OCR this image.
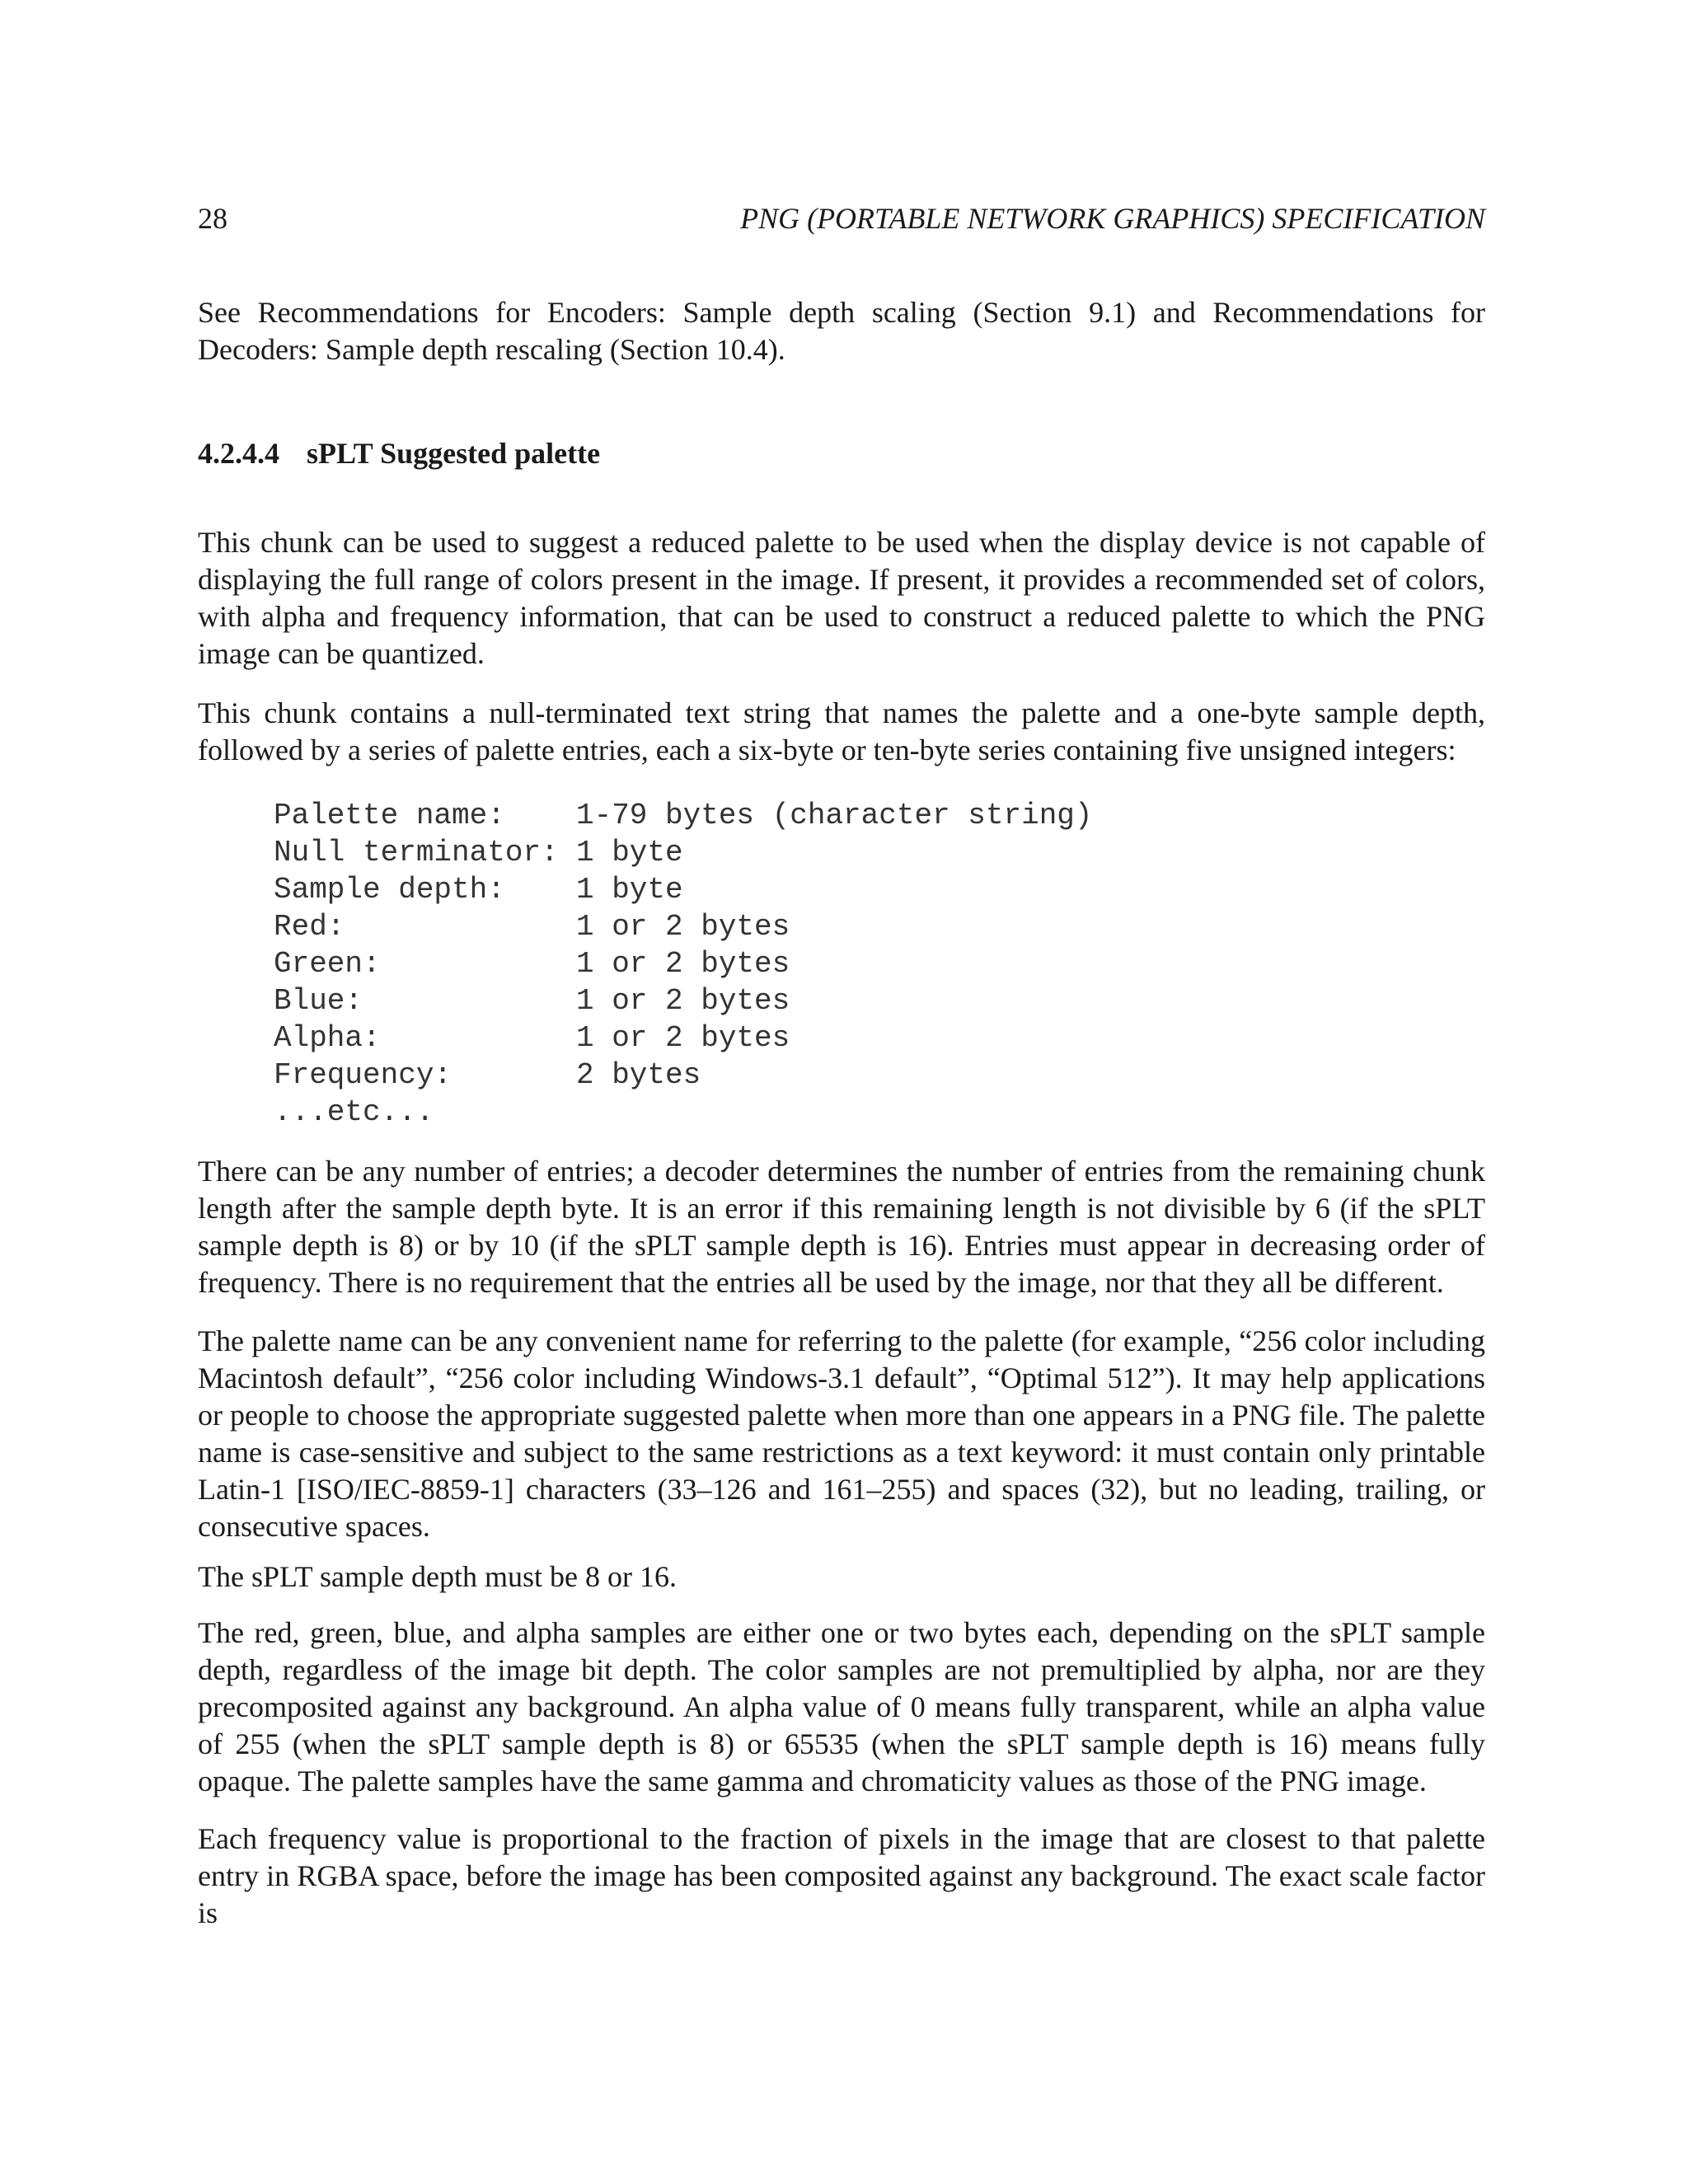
28	PNG (PORTABLE NETWORK GRAPHICS) SPECIFICATION

See Recommendations for Encoders: Sample depth scaling (Section 9.1) and Recommendations for Decoders: Sample depth rescaling (Section 10.4).

4.2.4.4 sPLT Suggested palette

This chunk can be used to suggest a reduced palette to be used when the display device is not capable of displaying the full range of colors present in the image. If present, it provides a recommended set of colors, with alpha and frequency information, that can be used to construct a reduced palette to which the PNG image can be quantized.

This chunk contains a null-terminated text string that names the palette and a one-byte sample depth, followed by a series of palette entries, each a six-byte or ten-byte series containing five unsigned integers:

Palette name: 1-79 bytes (character string)
Null terminator: 1 byte
Sample depth: 1 byte
Red:	1 or 2 bytes
Green:	1 or 2 bytes
Blue:	1 or 2 bytes
Alpha:	1 or 2 bytes
Frequency:	2 bytes
...etc...

There can be any number of entries; a decoder determines the number of entries from the remaining chunk length after the sample depth byte. It is an error if this remaining length is not divisible by 6 (if the sPLT sample depth is 8) or by 10 (if the sPLT sample depth is 16). Entries must appear in decreasing order of frequency. There is no requirement that the entries all be used by the image, nor that they all be different.

The palette name can be any convenient name for referring to the palette (for example, “256 color including Macintosh default”, “256 color including Windows-3.1 default”, “Optimal 512”). It may help applications or people to choose the appropriate suggested palette when more than one appears in a PNG file. The palette name is case-sensitive and subject to the same restrictions as a text keyword: it must contain only printable Latin-1 [ISO/IEC-8859-1] characters (33–126 and 161–255) and spaces (32), but no leading, trailing, or consecutive spaces.

The sPLT sample depth must be 8 or 16.

The red, green, blue, and alpha samples are either one or two bytes each, depending on the sPLT sample depth, regardless of the image bit depth. The color samples are not premultiplied by alpha, nor are they precomposited against any background. An alpha value of 0 means fully transparent, while an alpha value of 255 (when the sPLT sample depth is 8) or 65535 (when the sPLT sample depth is 16) means fully opaque. The palette samples have the same gamma and chromaticity values as those of the PNG image.

Each frequency value is proportional to the fraction of pixels in the image that are closest to that palette entry in RGBA space, before the image has been composited against any background. The exact scale factor is
